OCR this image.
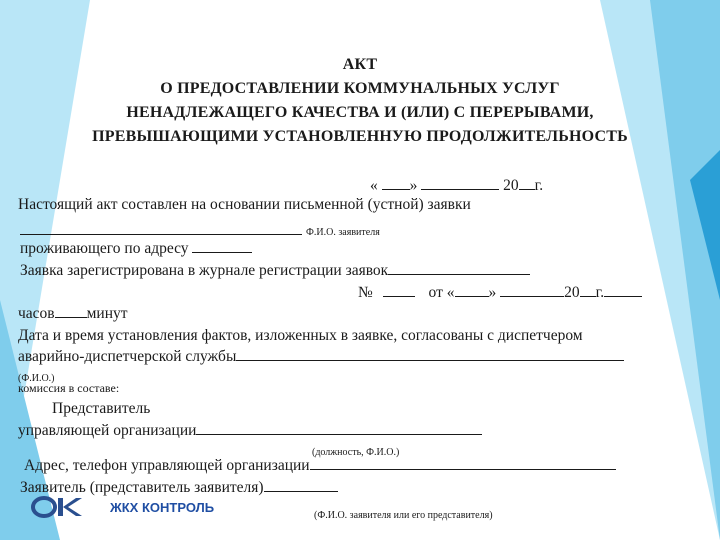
АКТ
О ПРЕДОСТАВЛЕНИИ КОММУНАЛЬНЫХ УСЛУГ
НЕНАДЛЕЖАЩЕГО КАЧЕСТВА И (ИЛИ) С ПЕРЕРЫВАМИ,
ПРЕВЫШАЮЩИМИ УСТАНОВЛЕННУЮ ПРОДОЛЖИТЕЛЬНОСТЬ
« »	20 г.
Настоящий акт составлен на основании письменной (устной) заявки
Ф.И.О. заявителя
проживающего по адресу
Заявка зарегистрирована в журнале регистрации заявок
№	от « »	20 г.
часов минут
Дата и время установления фактов, изложенных в заявке, согласованы с диспетчером
аварийно-диспетчерской службы
(Ф.И.О.)
комиссия в составе:
Представитель
управляющей организации
(должность, Ф.И.О.)
Адрес, телефон управляющей организации
Заявитель (представитель заявителя)
(Ф.И.О. заявителя или его представителя)
ЖКХ КОНТРОЛЬ
